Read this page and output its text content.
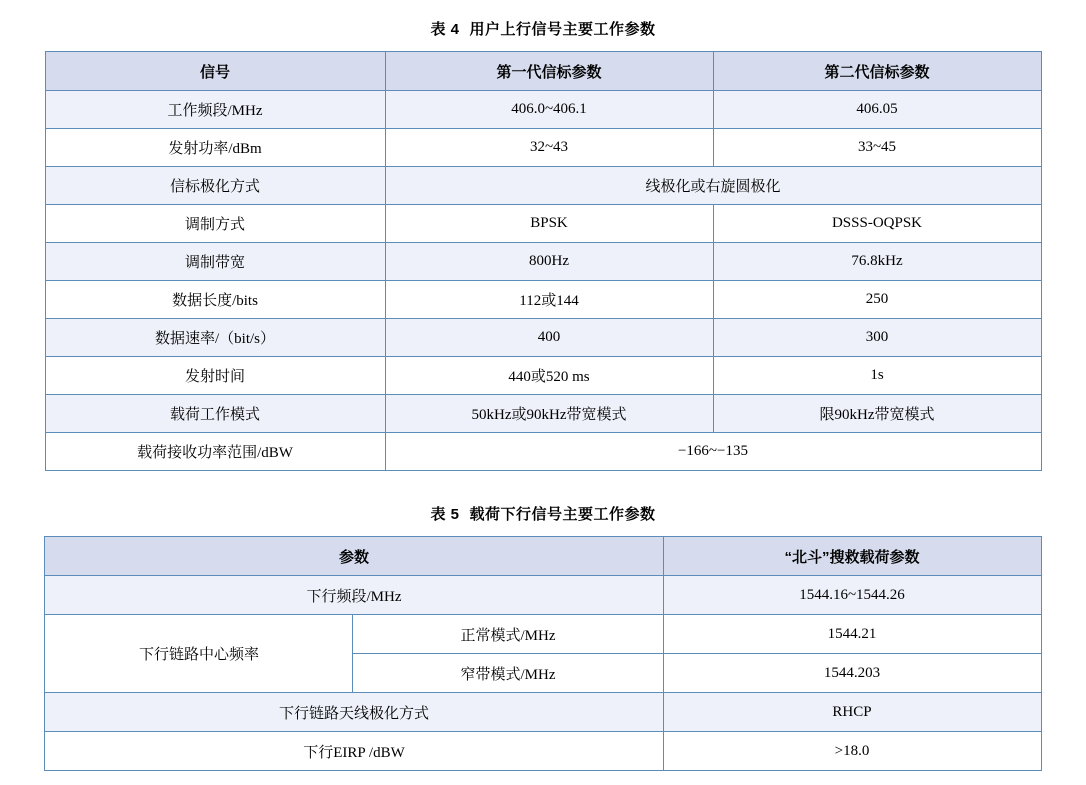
表 4 用户上行信号主要工作参数
信号	第一代信标参数	第二代信标参数
工作频段/MHz	406.0~406.1	406.05
发射功率/dBm	32~43	33~45
信标极化方式	线极化或右旋圆极化	
调制方式	BPSK	DSSS-OQPSK
调制带宽	800Hz	76.8kHz
数据长度/bits	112或144	250
数据速率/（bit/s）	400	300
发射时间	440或520 ms	1s
载荷工作模式	50kHz或90kHz带宽模式	限90kHz带宽模式
载荷接收功率范围/dBW	−166~−135	
表 5 载荷下行信号主要工作参数
参数		“北斗”搜救载荷参数
下行频段/MHz		1544.16~1544.26
下行链路中心频率	正常模式/MHz	1544.21
	窄带模式/MHz	1544.203
下行链路天线极化方式		RHCP
下行EIRP /dBW		>18.0
